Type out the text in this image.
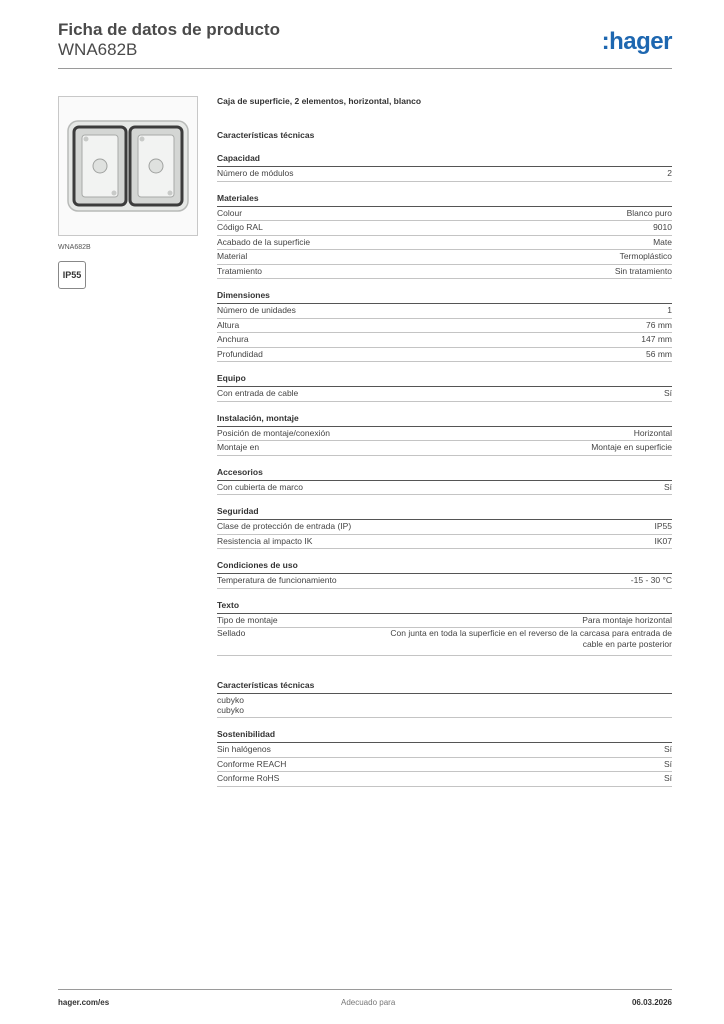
Ficha de datos de producto
WNA682B	:hager
WNA682B
IP55
Caja de superficie, 2 elementos, horizontal, blanco
Características técnicas
Capacidad
Número de módulos	2
Materiales
Colour	Blanco puro
Código RAL	9010
Acabado de la superficie	Mate
Material	Termoplástico
Tratamiento	Sin tratamiento
Dimensiones
Número de unidades	1
Altura	76 mm
Anchura	147 mm
Profundidad	56 mm
Equipo
Con entrada de cable	Sí
Instalación, montaje
Posición de montaje/conexión	Horizontal
Montaje en	Montaje en superficie
Accesorios
Con cubierta de marco	Sí
Seguridad
Clase de protección de entrada (IP)	IP55
Resistencia al impacto IK	IK07
Condiciones de uso
Temperatura de funcionamiento	-15 - 30 °C
Texto
Tipo de montaje	Para montaje horizontal
Sellado	Con junta en toda la superficie en el reverso de la carcasa para entrada de cable en parte posterior
Características técnicas
cubyko
cubyko
Sostenibilidad
Sin halógenos	Sí
Conforme REACH	Sí
Conforme RoHS	Sí
hager.com/es	Adecuado para	06.03.2026
